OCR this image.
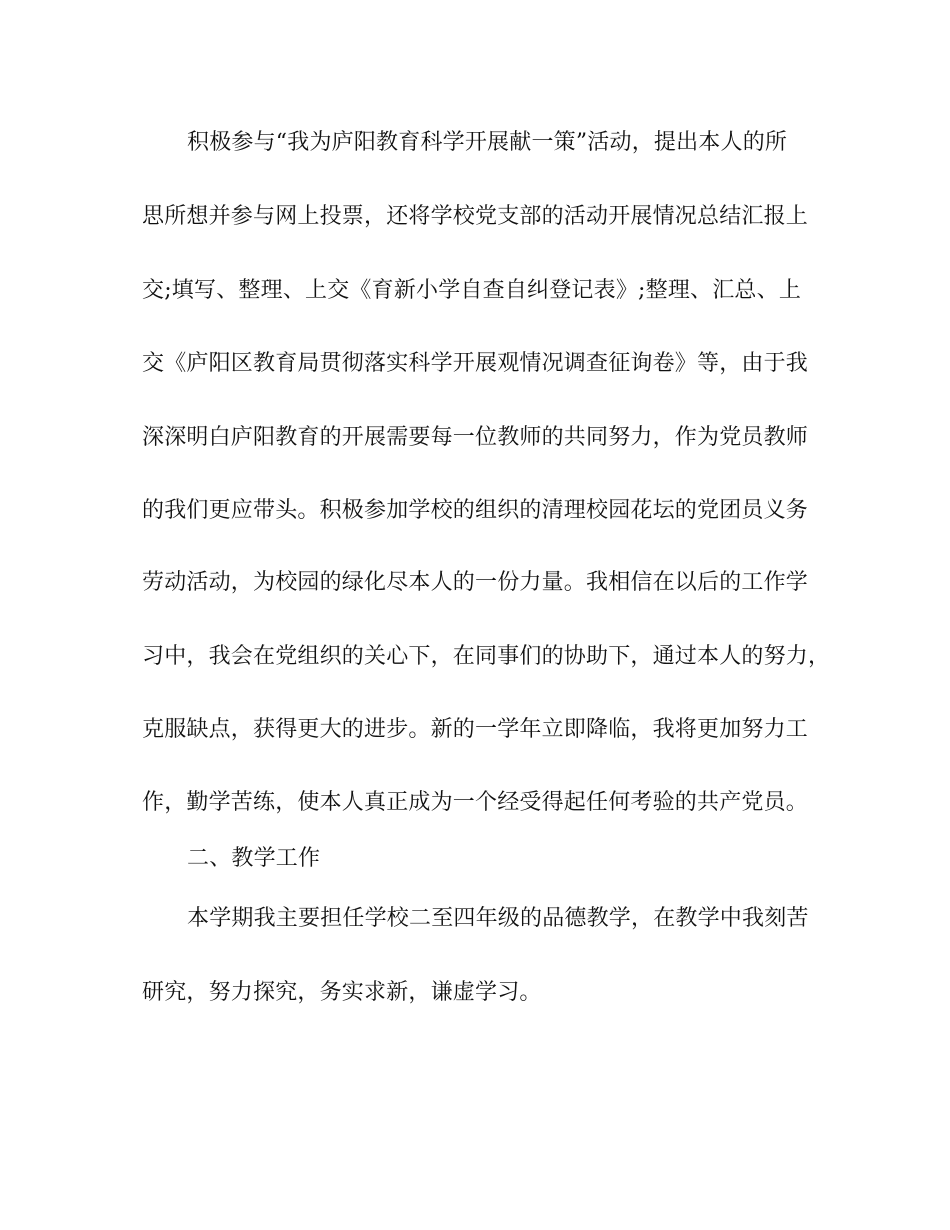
积极参与“我为庐阳教育科学开展献一策”活动，提出本人的所
思所想并参与网上投票，还将学校党支部的活动开展情况总结汇报上
交;填写、整理、上交《育新小学自查自纠登记表》;整理、汇总、上
交《庐阳区教育局贯彻落实科学开展观情况调查征询卷》等，由于我
深深明白庐阳教育的开展需要每一位教师的共同努力，作为党员教师
的我们更应带头。积极参加学校的组织的清理校园花坛的党团员义务
劳动活动，为校园的绿化尽本人的一份力量。我相信在以后的工作学
习中，我会在党组织的关心下，在同事们的协助下，通过本人的努力，
克服缺点，获得更大的进步。新的一学年立即降临，我将更加努力工
作，勤学苦练，使本人真正成为一个经受得起任何考验的共产党员。
二、教学工作
本学期我主要担任学校二至四年级的品德教学，在教学中我刻苦
研究，努力探究，务实求新，谦虚学习。
